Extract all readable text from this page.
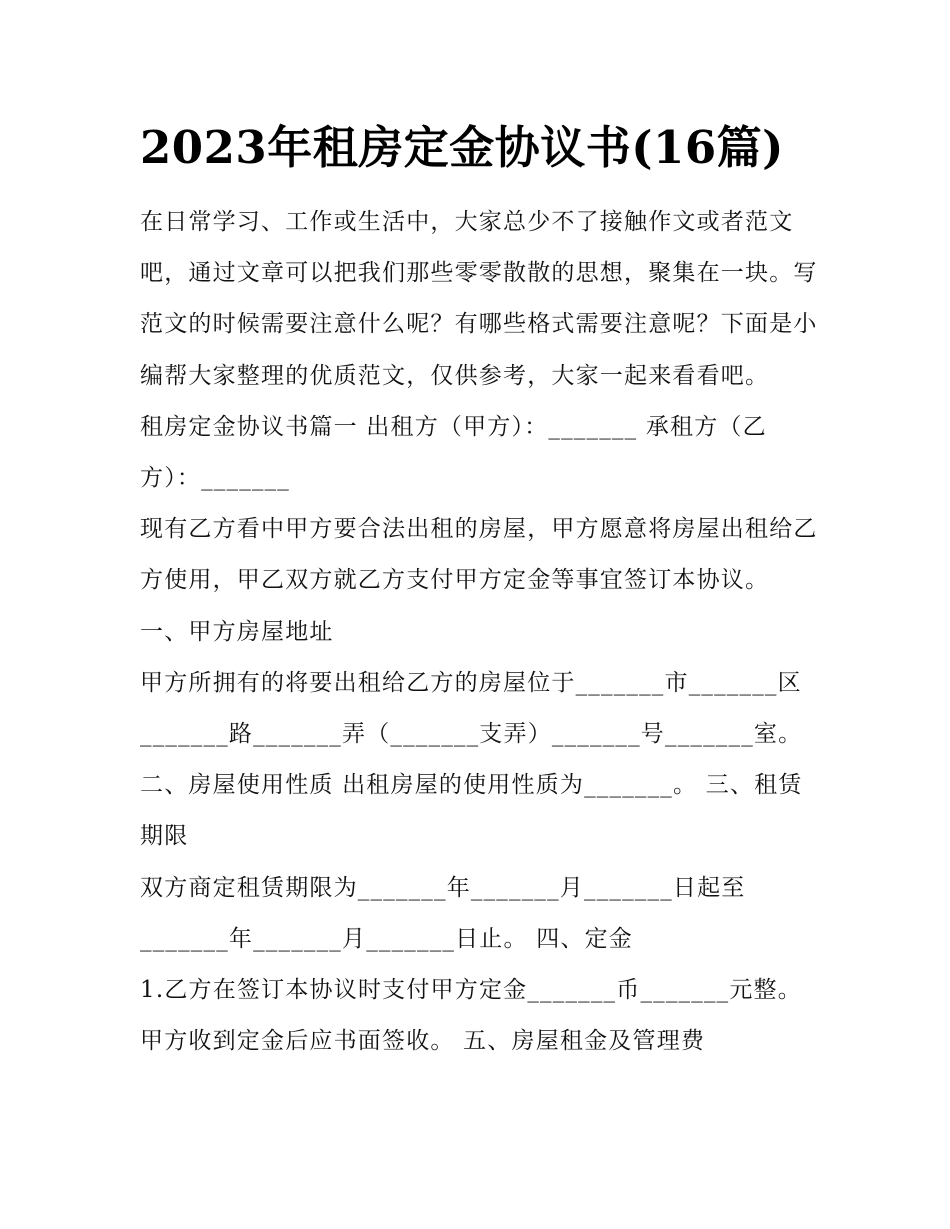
2023年租房定金协议书(16篇)

在日常学习、工作或生活中，大家总少不了接触作文或者范文吧，通过文章可以把我们那些零零散散的思想，聚集在一块。写范文的时候需要注意什么呢？有哪些格式需要注意呢？下面是小编帮大家整理的优质范文，仅供参考，大家一起来看看吧。

租房定金协议书篇一 出租方（甲方）：_______ 承租方（乙方）：_______

现有乙方看中甲方要合法出租的房屋，甲方愿意将房屋出租给乙方使用，甲乙双方就乙方支付甲方定金等事宜签订本协议。

一、甲方房屋地址

甲方所拥有的将要出租给乙方的房屋位于_______市_______区_______路_______弄（_______支弄）_______号_______室。

二、房屋使用性质 出租房屋的使用性质为_______。 三、租赁期限

双方商定租赁期限为_______年_______月_______日起至_______年_______月_______日止。 四、定金

1.乙方在签订本协议时支付甲方定金_______币_______元整。

甲方收到定金后应书面签收。 五、房屋租金及管理费
